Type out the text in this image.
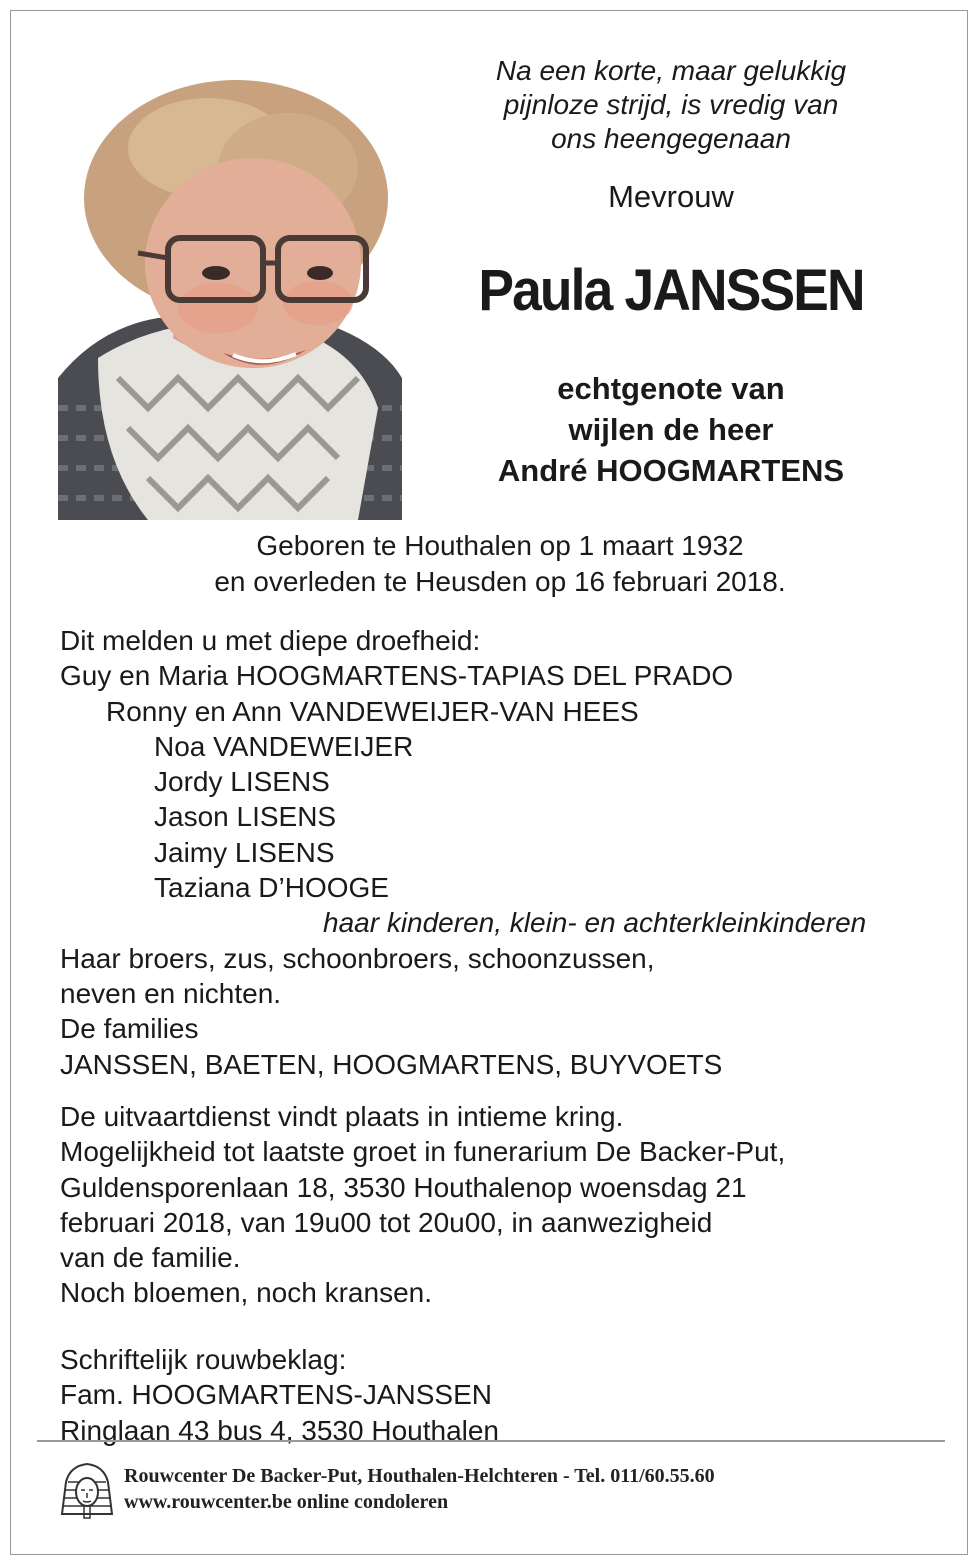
Na een korte, maar gelukkig
pijnloze strijd, is vredig van
ons heengegenaan
Mevrouw
Paula JANSSEN
echtgenote van
wijlen de heer
André HOOGMARTENS
Geboren te Houthalen op 1 maart 1932
en overleden te Heusden op 16 februari 2018.
Dit melden u met diepe droefheid:
Guy en Maria HOOGMARTENS-TAPIAS DEL PRADO
Ronny en Ann VANDEWEIJER-VAN HEES
Noa VANDEWEIJER
Jordy LISENS
Jason LISENS
Jaimy LISENS
Taziana D’HOOGE
haar kinderen, klein- en achterkleinkinderen
Haar broers, zus, schoonbroers, schoonzussen,
neven en nichten.
De families
JANSSEN, BAETEN, HOOGMARTENS, BUYVOETS
De uitvaartdienst vindt plaats in intieme kring.
Mogelijkheid tot laatste groet in funerarium De Backer-Put,
Guldensporenlaan 18, 3530 Houthalenop woensdag 21
februari 2018, van 19u00 tot 20u00, in aanwezigheid
van de familie.
Noch bloemen, noch kransen.
Schriftelijk rouwbeklag:
Fam. HOOGMARTENS-JANSSEN
Ringlaan 43 bus 4, 3530 Houthalen
Rouwcenter De Backer-Put, Houthalen-Helchteren - Tel. 011/60.55.60
www.rouwcenter.be online condoleren
